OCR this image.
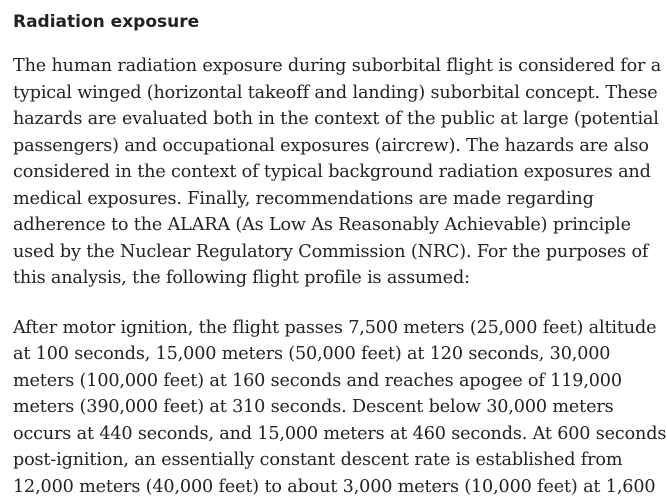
Radiation exposure

The human radiation exposure during suborbital flight is considered for a
typical winged (horizontal takeoff and landing) suborbital concept. These
hazards are evaluated both in the context of the public at large (potential
passengers) and occupational exposures (aircrew). The hazards are also
considered in the context of typical background radiation exposures and
medical exposures. Finally, recommendations are made regarding
adherence to the ALARA (As Low As Reasonably Achievable) principle
used by the Nuclear Regulatory Commission (NRC). For the purposes of
this analysis, the following flight profile is assumed:

After motor ignition, the flight passes 7,500 meters (25,000 feet) altitude
at 100 seconds, 15,000 meters (50,000 feet) at 120 seconds, 30,000
meters (100,000 feet) at 160 seconds and reaches apogee of 119,000
meters (390,000 feet) at 310 seconds. Descent below 30,000 meters
occurs at 440 seconds, and 15,000 meters at 460 seconds. At 600 seconds
post-ignition, an essentially constant descent rate is established from
12,000 meters (40,000 feet) to about 3,000 meters (10,000 feet) at 1,600
